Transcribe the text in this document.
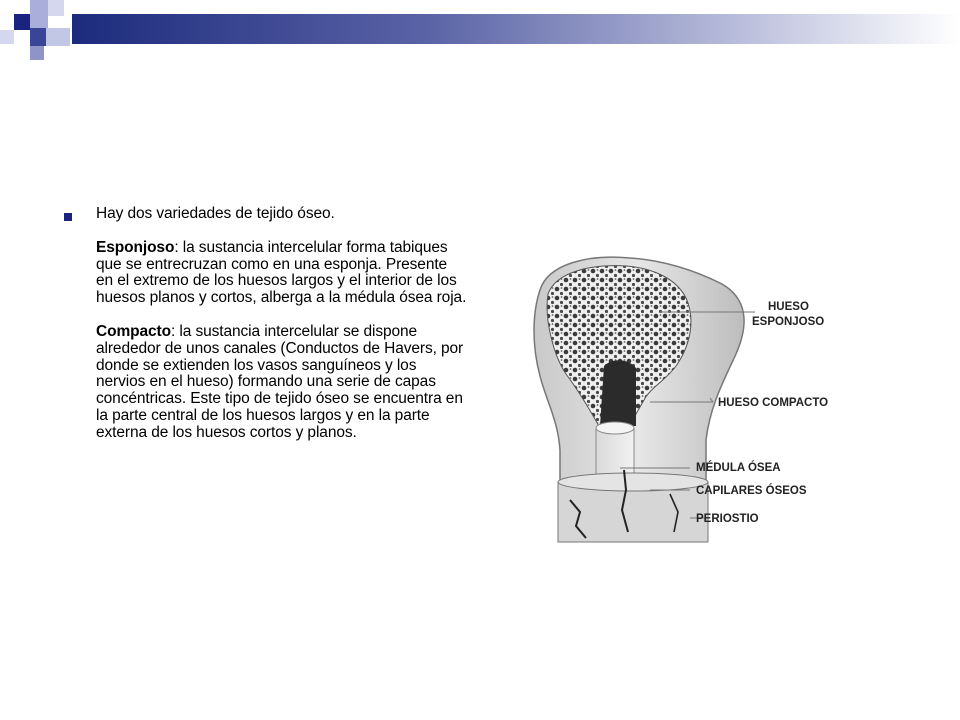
Hay dos variedades de tejido óseo.

Esponjoso: la sustancia intercelular forma tabiques que se entrecruzan como en una esponja. Presente en el extremo de los huesos largos y el interior de los huesos planos y cortos, alberga a la médula ósea roja.

Compacto: la sustancia intercelular se dispone alrededor de unos canales (Conductos de Havers, por donde se extienden los vasos sanguíneos y los nervios en el hueso) formando una serie de capas concéntricas. Este tipo de tejido óseo se encuentra en la parte central de los huesos largos y en la parte externa de los huesos cortos y planos.

HUESO
ESPONJOSO
HUESO COMPACTO
MÉDULA ÓSEA
CAPILARES ÓSEOS
PERIOSTIO
